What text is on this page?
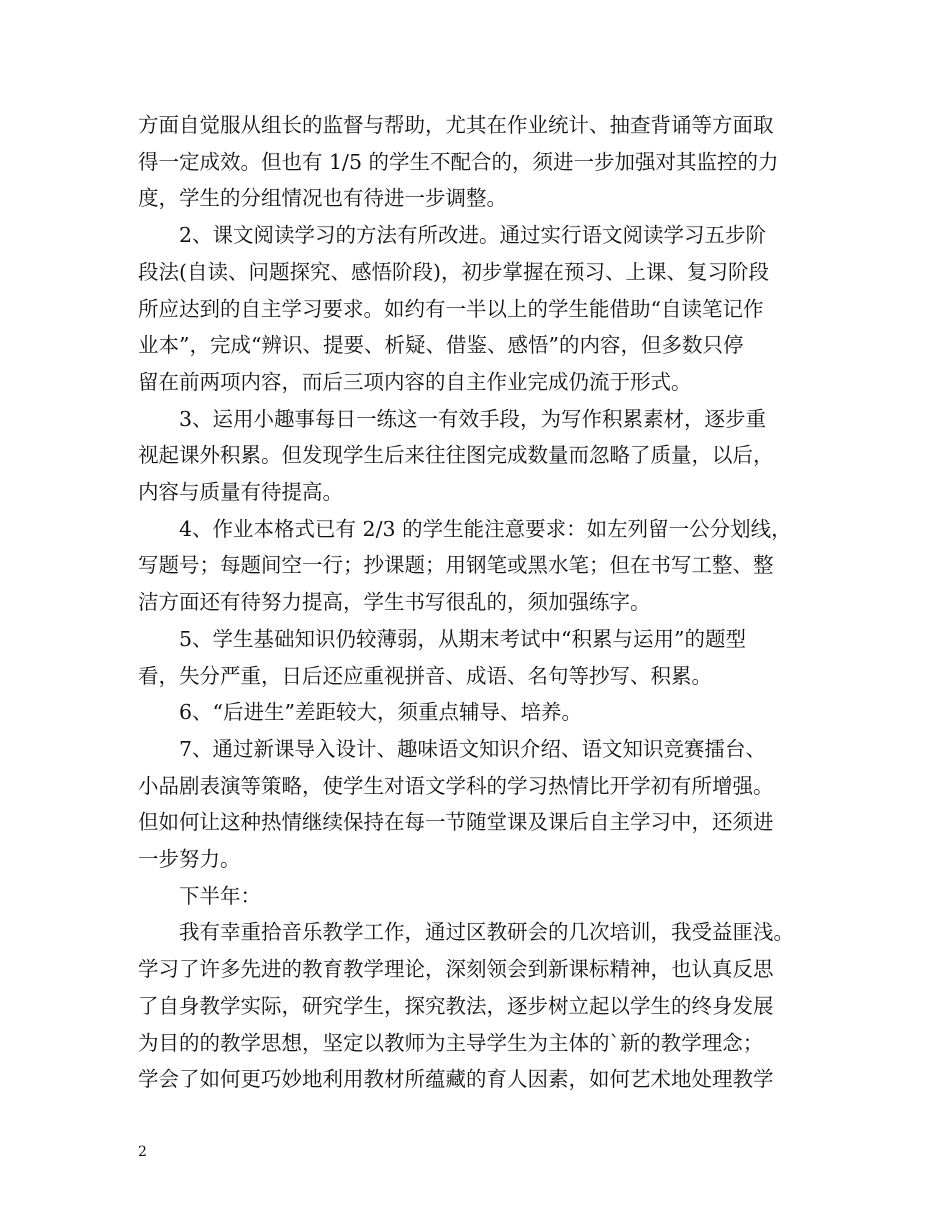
方面自觉服从组长的监督与帮助，尤其在作业统计、抽查背诵等方面取
得一定成效。但也有 1/5 的学生不配合的，须进一步加强对其监控的力
度，学生的分组情况也有待进一步调整。
2、课文阅读学习的方法有所改进。通过实行语文阅读学习五步阶
段法(自读、问题探究、感悟阶段)，初步掌握在预习、上课、复习阶段
所应达到的自主学习要求。如约有一半以上的学生能借助“自读笔记作
业本”，完成“辨识、提要、析疑、借鉴、感悟”的内容，但多数只停
留在前两项内容，而后三项内容的自主作业完成仍流于形式。
3、运用小趣事每日一练这一有效手段，为写作积累素材，逐步重
视起课外积累。但发现学生后来往往图完成数量而忽略了质量，以后，
内容与质量有待提高。
4、作业本格式已有 2/3 的学生能注意要求：如左列留一公分划线，
写题号；每题间空一行；抄课题；用钢笔或黑水笔；但在书写工整、整
洁方面还有待努力提高，学生书写很乱的，须加强练字。
5、学生基础知识仍较薄弱，从期末考试中“积累与运用”的题型
看，失分严重，日后还应重视拼音、成语、名句等抄写、积累。
6、“后进生”差距较大，须重点辅导、培养。
7、通过新课导入设计、趣味语文知识介绍、语文知识竞赛擂台、
小品剧表演等策略，使学生对语文学科的学习热情比开学初有所增强。
但如何让这种热情继续保持在每一节随堂课及课后自主学习中，还须进
一步努力。
下半年：
我有幸重拾音乐教学工作，通过区教研会的几次培训，我受益匪浅。
学习了许多先进的教育教学理论，深刻领会到新课标精神，也认真反思
了自身教学实际，研究学生，探究教法，逐步树立起以学生的终身发展
为目的的教学思想，坚定以教师为主导学生为主体的`新的教学理念；
学会了如何更巧妙地利用教材所蕴藏的育人因素，如何艺术地处理教学
2
